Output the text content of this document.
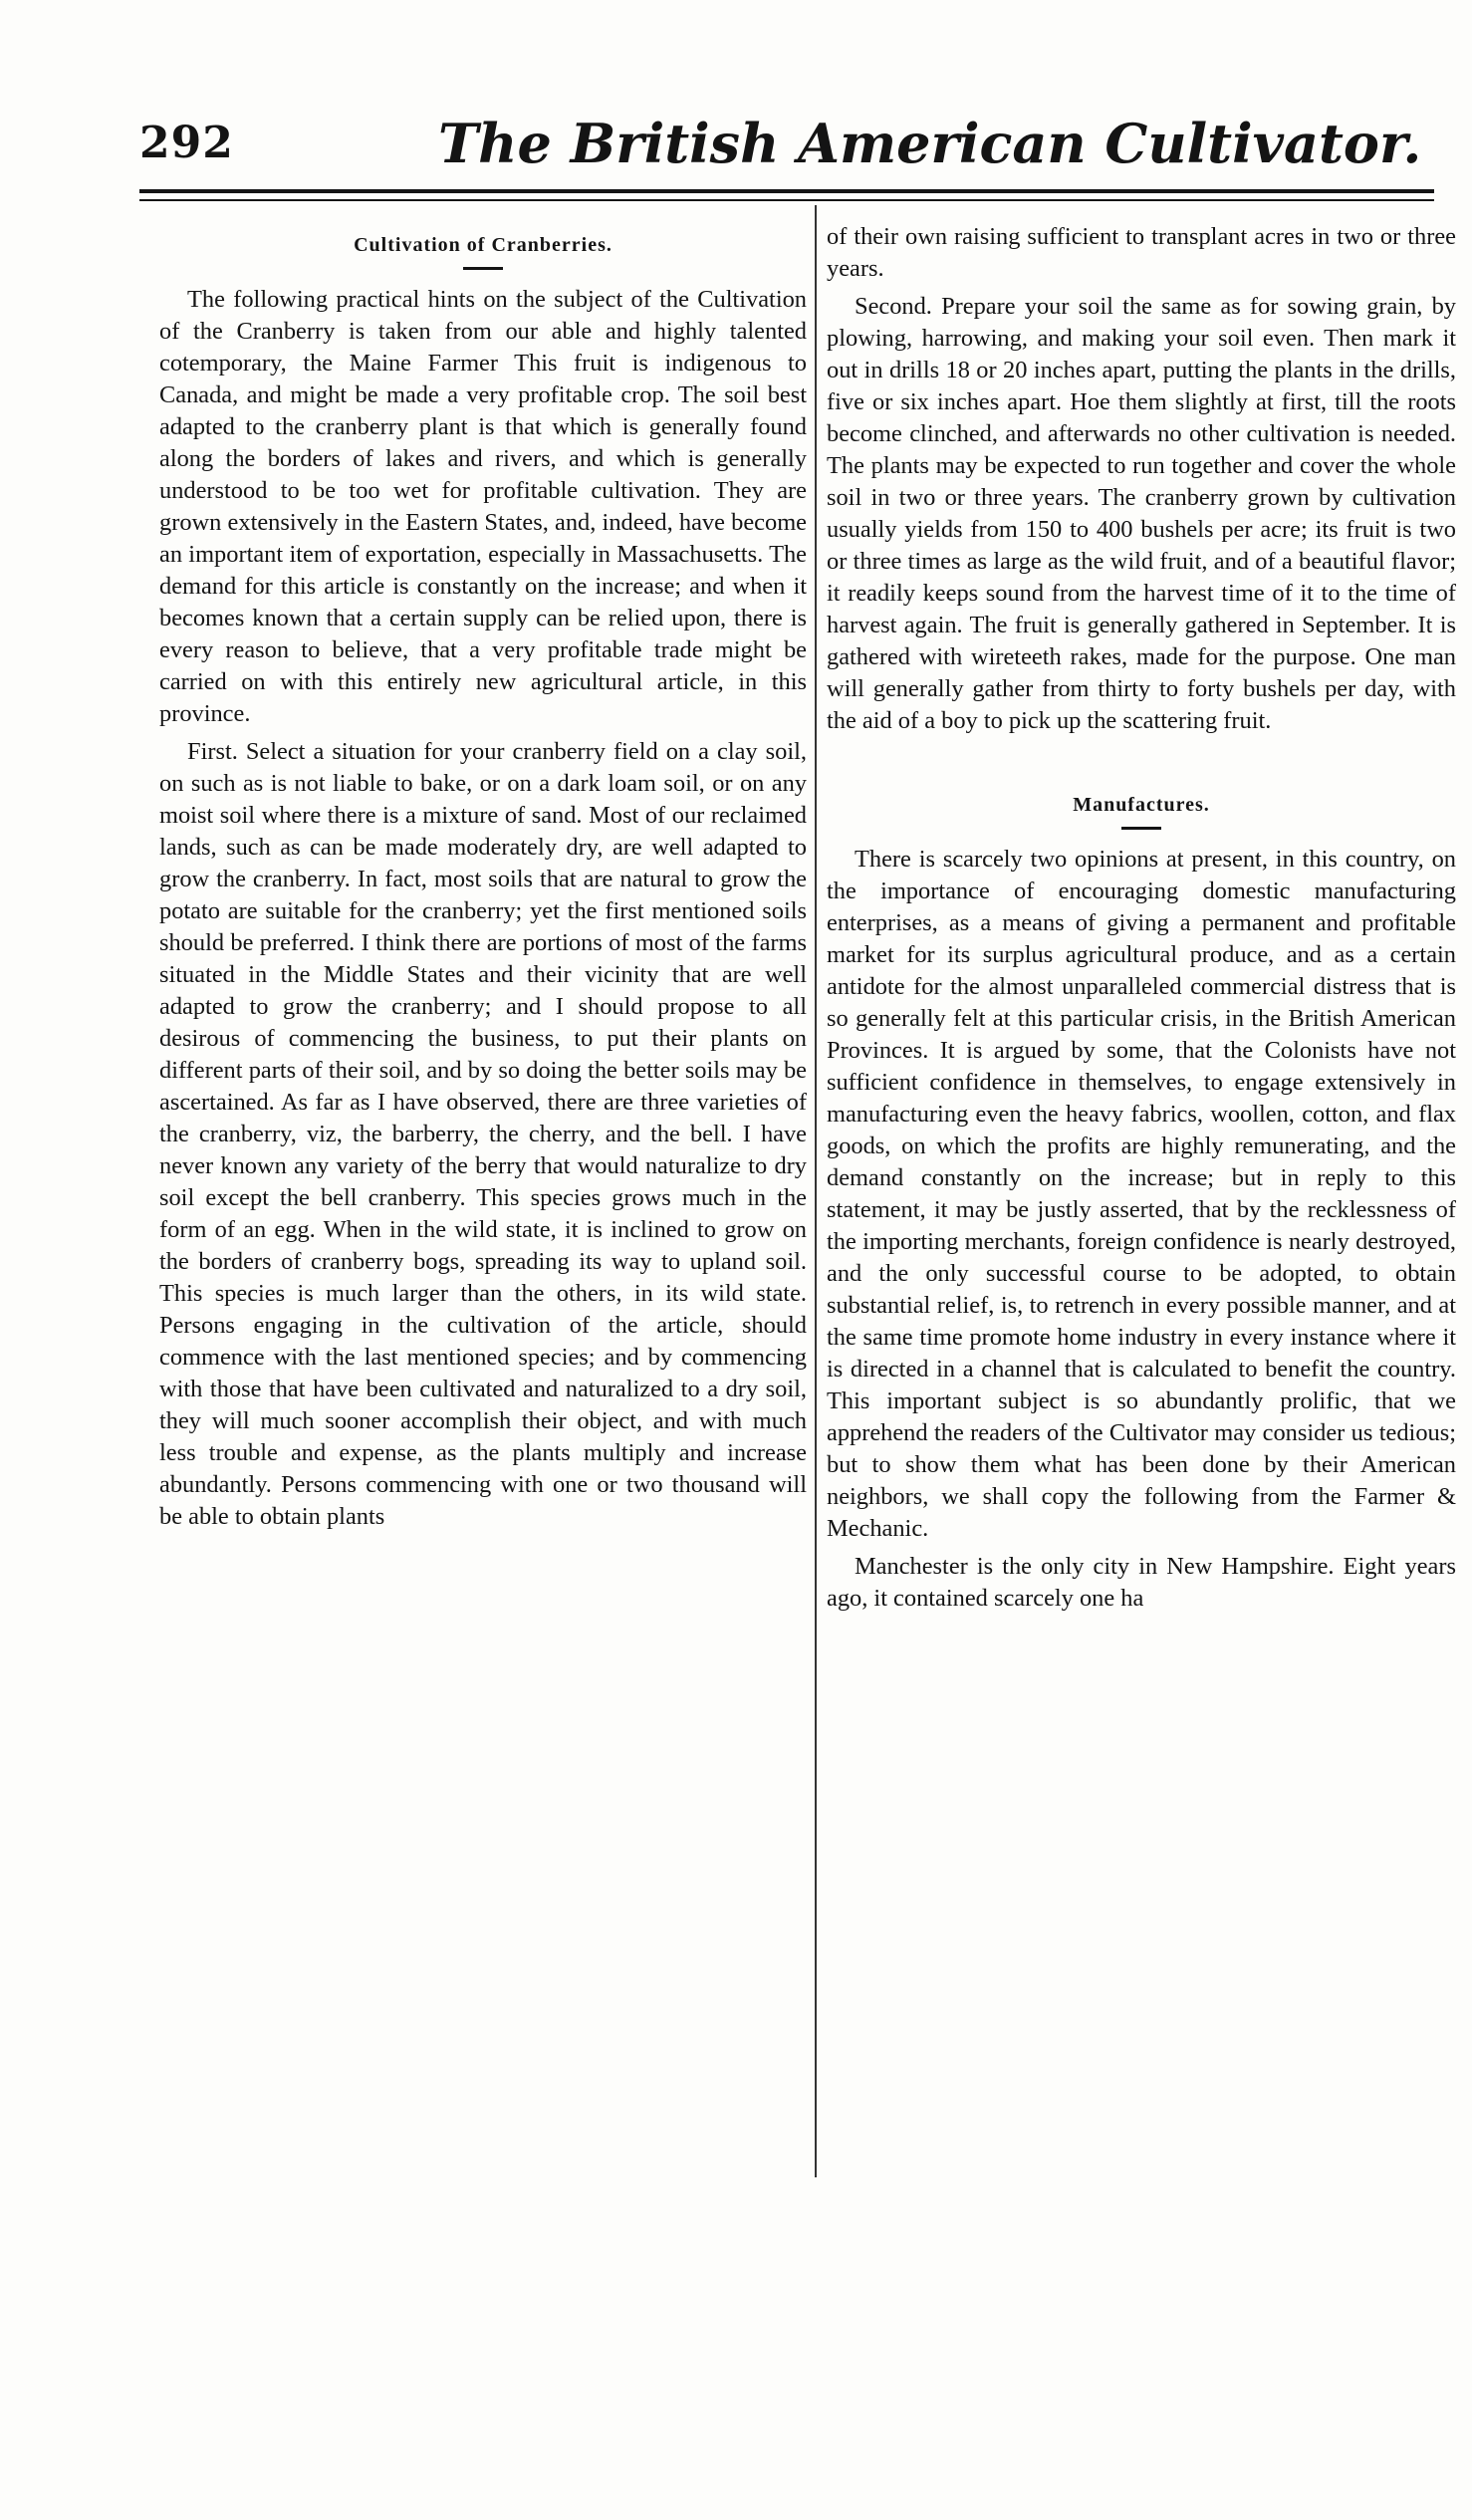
292	The British American Cultivator.
Cultivation of Cranberries.

The following practical hints on the subject of the Cultivation of the Cranberry is taken from our able and highly talented cotemporary, the Maine Farmer This fruit is indigenous to Canada, and might be made a very profitable crop. The soil best adapted to the cranberry plant is that which is generally found along the borders of lakes and rivers, and which is generally understood to be too wet for profitable cultivation. They are grown extensively in the Eastern States, and, indeed, have become an important item of exportation, especially in Massachusetts. The demand for this article is constantly on the increase; and when it becomes known that a certain supply can be relied upon, there is every reason to believe, that a very profitable trade might be carried on with this entirely new agricultural article, in this province.

First. Select a situation for your cranberry field on a clay soil, on such as is not liable to bake, or on a dark loam soil, or on any moist soil where there is a mixture of sand. Most of our reclaimed lands, such as can be made moderately dry, are well adapted to grow the cranberry. In fact, most soils that are natural to grow the potato are suitable for the cranberry; yet the first mentioned soils should be preferred. I think there are portions of most of the farms situated in the Middle States and their vicinity that are well adapted to grow the cranberry; and I should propose to all desirous of commencing the business, to put their plants on different parts of their soil, and by so doing the better soils may be ascertained. As far as I have observed, there are three varieties of the cranberry, viz, the barberry, the cherry, and the bell. I have never known any variety of the berry that would naturalize to dry soil except the bell cranberry. This species grows much in the form of an egg. When in the wild state, it is inclined to grow on the borders of cranberry bogs, spreading its way to upland soil. This species is much larger than the others, in its wild state. Persons engaging in the cultivation of the article, should commence with the last mentioned species; and by commencing with those that have been cultivated and naturalized to a dry soil, they will much sooner accomplish their object, and with much less trouble and expense, as the plants multiply and increase abundantly. Persons commencing with one or two thousand will be able to obtain plants

of their own raising sufficient to transplant acres in two or three years.

Second. Prepare your soil the same as for sowing grain, by plowing, harrowing, and making your soil even. Then mark it out in drills 18 or 20 inches apart, putting the plants in the drills, five or six inches apart. Hoe them slightly at first, till the roots become clinched, and afterwards no other cultivation is needed. The plants may be expected to run together and cover the whole soil in two or three years. The cranberry grown by cultivation usually yields from 150 to 400 bushels per acre; its fruit is two or three times as large as the wild fruit, and of a beautiful flavor; it readily keeps sound from the harvest time of it to the time of harvest again. The fruit is generally gathered in September. It is gathered with wireteeth rakes, made for the purpose. One man will generally gather from thirty to forty bushels per day, with the aid of a boy to pick up the scattering fruit.

Manufactures.

There is scarcely two opinions at present, in this country, on the importance of encouraging domestic manufacturing enterprises, as a means of giving a permanent and profitable market for its surplus agricultural produce, and as a certain antidote for the almost unparalleled commercial distress that is so generally felt at this particular crisis, in the British American Provinces. It is argued by some, that the Colonists have not sufficient confidence in themselves, to engage extensively in manufacturing even the heavy fabrics, woollen, cotton, and flax goods, on which the profits are highly remunerating, and the demand constantly on the increase; but in reply to this statement, it may be justly asserted, that by the recklessness of the importing merchants, foreign confidence is nearly destroyed, and the only successful course to be adopted, to obtain substantial relief, is, to retrench in every possible manner, and at the same time promote home industry in every instance where it is directed in a channel that is calculated to benefit the country. This important subject is so abundantly prolific, that we apprehend the readers of the Cultivator may consider us tedious; but to show them what has been done by their American neighbors, we shall copy the following from the Farmer & Mechanic.

Manchester is the only city in New Hampshire. Eight years ago, it contained scarcely one ha
